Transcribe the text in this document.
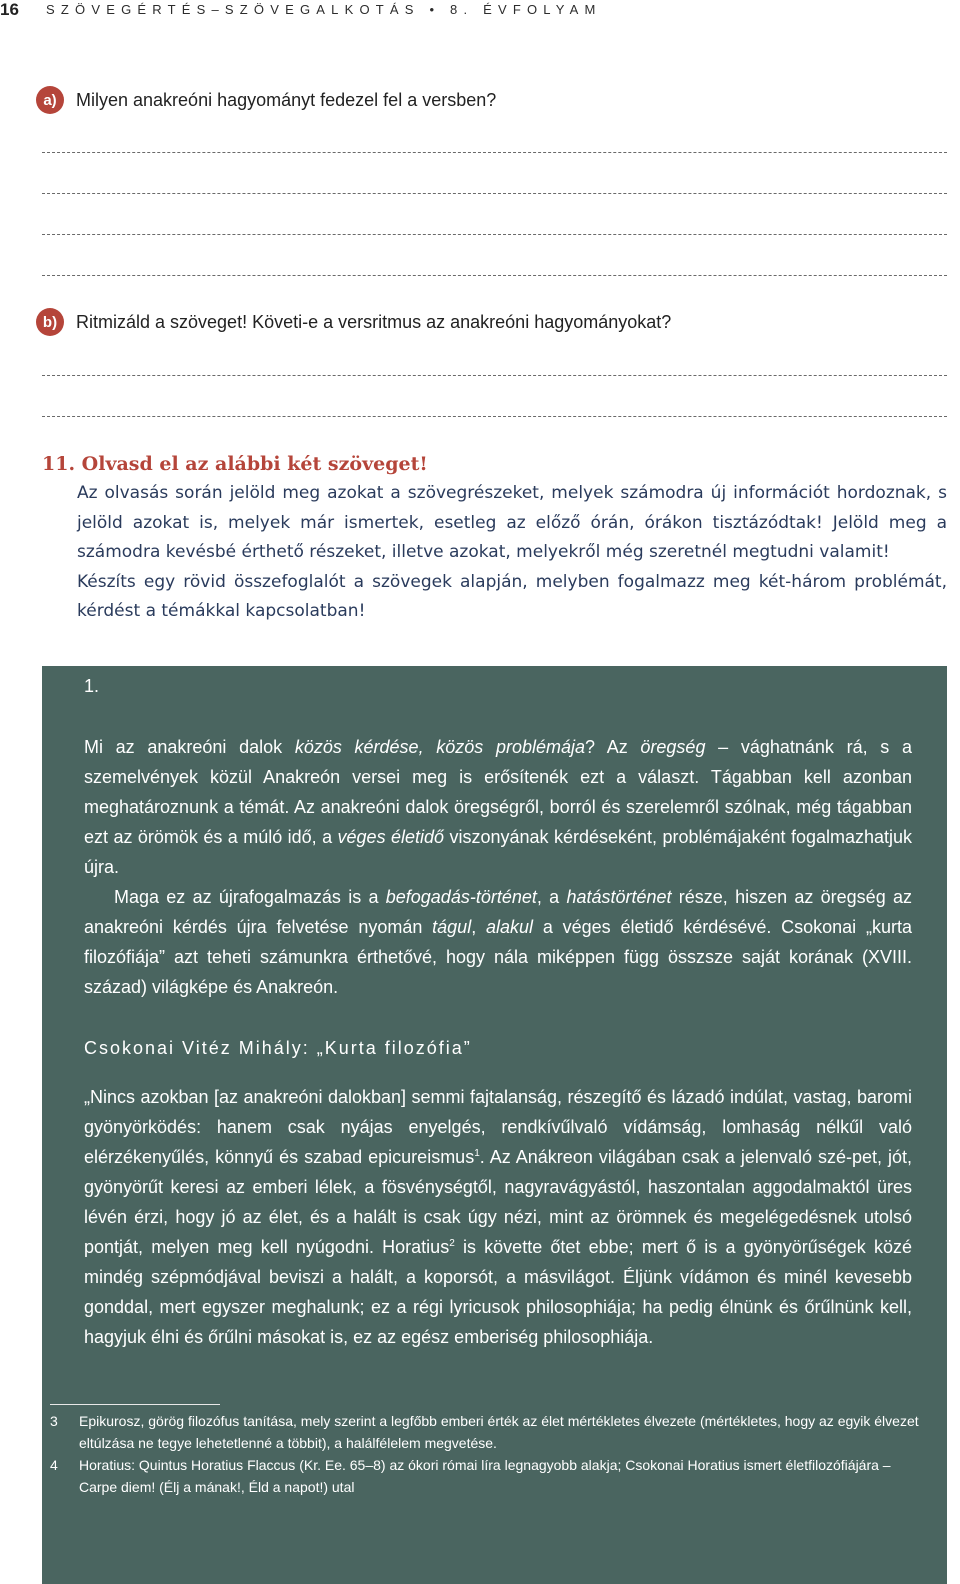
16 SZÖVEGÉRTÉS–SZÖVEGALKOTÁS • 8. ÉVFOLYAM
a)	Milyen anakreóni hagyományt fedezel fel a versben?
b)	Ritmizáld a szöveget! Követi-e a versritmus az anakreóni hagyományokat?
11. Olvasd el az alábbi két szöveget!

Az olvasás során jelöld meg azokat a szövegrészeket, melyek számodra új információt hordoznak, s jelöld azokat is, melyek már ismertek, esetleg az előző órán, órákon tisztázódtak! Jelöld meg a számodra kevésbé érthető részeket, illetve azokat, melyekről még szeretnél megtudni valamit!

Készíts egy rövid összefoglalót a szövegek alapján, melyben fogalmazz meg két-három problémát, kérdést a témákkal kapcsolatban!

1.

Mi az anakreóni dalok közös kérdése, közös problémája? Az öregség – vághatnánk rá, s a szemelvények közül Anakreón versei meg is erősítenék ezt a választ. Tágabban kell azonban meghatároznunk a témát. Az anakreóni dalok öregségről, borról és szerelemről szólnak, még tágabban ezt az örömök és a múló idő, a véges életidő viszonyának kérdéseként, problémájaként fogalmazhatjuk újra.

Maga ez az újrafogalmazás is a befogadás-történet, a hatástörténet része, hiszen az öregség az anakreóni kérdés újra felvetése nyomán tágul, alakul a véges életidő kérdésévé. Csokonai „kurta filozófiája” azt teheti számunkra érthetővé, hogy nála miképpen függ összsze saját korának (XVIII. század) világképe és Anakreón.

Csokonai Vitéz Mihály: „Kurta filozófia”

„Nincs azokban [az anakreóni dalokban] semmi fajtalanság, részegítő és lázadó indúlat, vastag, baromi gyönyörködés: hanem csak nyájas enyelgés, rendkívűlvaló vídámság, lomhaság nélkűl való elérzékenyűlés, könnyű és szabad epicureismus$^1$. Az Anákreon világában csak a jelenvaló szé-pet, jót, gyönyörűt keresi az emberi lélek, a fösvénységtől, nagyravágyástól, haszontalan aggodalmaktól üres lévén érzi, hogy jó az élet, és a halált is csak úgy nézi, mint az örömnek és megelégedésnek utolsó pontját, melyen meg kell nyúgodni. Horatius$^2$ is követte őtet ebbe; mert ő is a gyönyörűségek közé mindég szépmódjával beviszi a halált, a koporsót, a másvilágot. Éljünk vídámon és minél kevesebb gonddal, mert egyszer meghalunk; ez a régi lyricusok philosophiája; ha pedig élnünk és őrűlnünk kell, hagyjuk élni és őrűlni másokat is, ez az egész emberiség philosophiája.

3	Epikurosz, görög filozófus tanítása, mely szerint a legfőbb emberi érték az élet mértékletes élvezete (mértékletes, hogy az egyik élvezet eltúlzása ne tegye lehetetlenné a többit), a halálfélelem megvetése.
4	Horatius: Quintus Horatius Flaccus (Kr. Ee. 65–8) az ókori római líra legnagyobb alakja; Csokonai Horatius ismert életfilozófiájára – Carpe diem! (Élj a mának!, Éld a napot!) utal
